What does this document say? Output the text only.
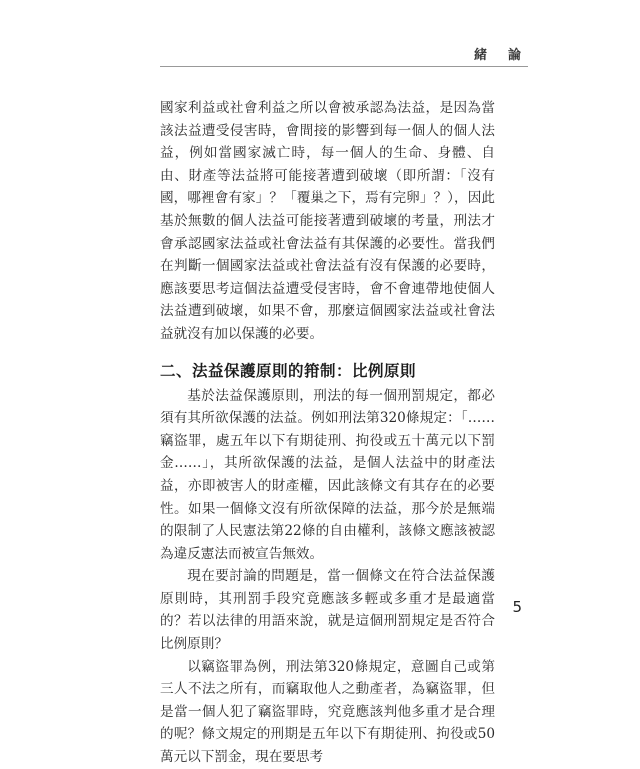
緒　論

國家利益或社會利益之所以會被承認為法益，是因為當該法益遭受侵害時，會間接的影響到每一個人的個人法益，例如當國家滅亡時，每一個人的生命、身體、自由、財產等法益將可能接著遭到破壞（即所謂：「沒有國，哪裡會有家」？「覆巢之下，焉有完卵」？），因此基於無數的個人法益可能接著遭到破壞的考量，刑法才會承認國家法益或社會法益有其保護的必要性。當我們在判斷一個國家法益或社會法益有沒有保護的必要時，應該要思考這個法益遭受侵害時，會不會連帶地使個人法益遭到破壞，如果不會，那麼這個國家法益或社會法益就沒有加以保護的必要。

二、法益保護原則的箝制：比例原則

基於法益保護原則，刑法的每一個刑罰規定，都必須有其所欲保護的法益。例如刑法第320條規定：「……竊盜罪，處五年以下有期徒刑、拘役或五十萬元以下罰金……」，其所欲保護的法益，是個人法益中的財產法益，亦即被害人的財產權，因此該條文有其存在的必要性。如果一個條文沒有所欲保障的法益，那今於是無端的限制了人民憲法第22條的自由權利，該條文應該被認為違反憲法而被宣告無效。

現在要討論的問題是，當一個條文在符合法益保護原則時，其刑罰手段究竟應該多輕或多重才是最適當的？若以法律的用語來說，就是這個刑罰規定是否符合比例原則？

以竊盜罪為例，刑法第320條規定，意圖自己或第三人不法之所有，而竊取他人之動產者，為竊盜罪，但是當一個人犯了竊盜罪時，究竟應該判他多重才是合理的呢？條文規定的刑期是五年以下有期徒刑、拘役或50萬元以下罰金，現在要思考

5
